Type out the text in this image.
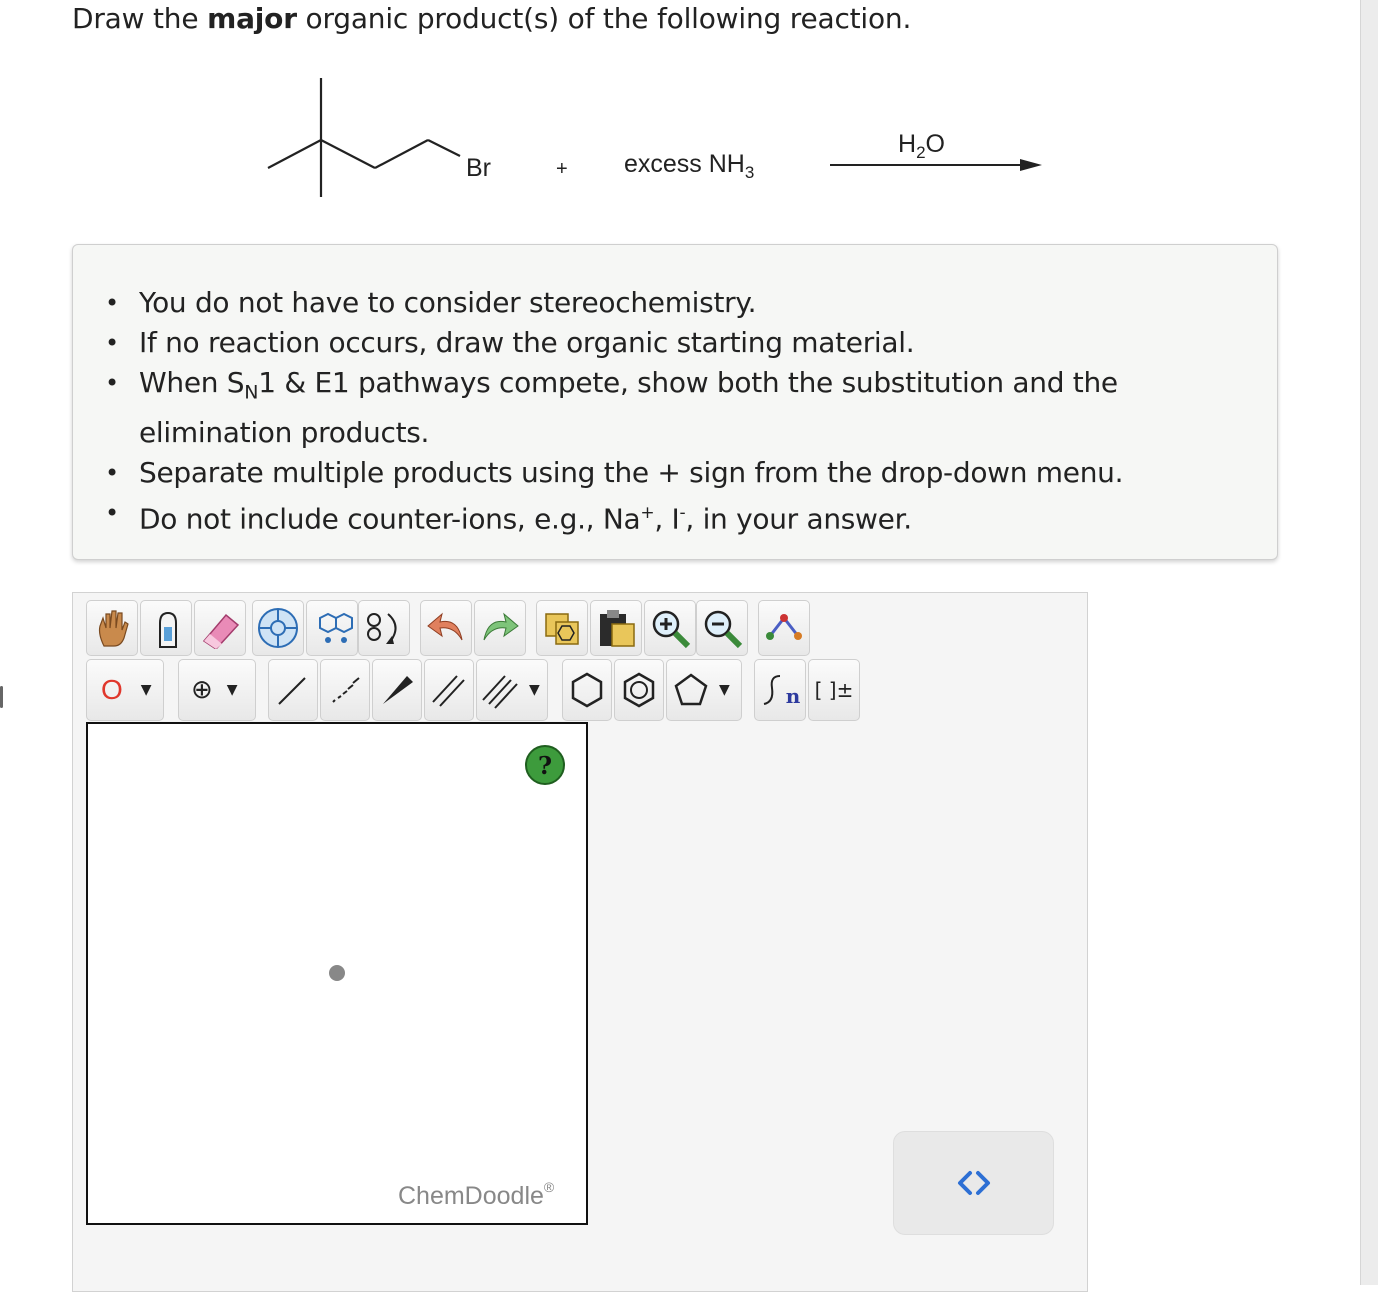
Draw the major organic product(s) of the following reaction.
Br	+ excess $NH_3$
$H_2O$
• You do not have to consider stereochemistry.
• If no reaction occurs, draw the organic starting material.
• When $S_N1$ & E1 pathways compete, show both the substitution and the elimination products.
• Separate multiple products using the + sign from the drop-down menu.
• Do not include counter-ions, e.g., Na+, I-, in your answer.
O ▼ ⊕ ▼	▼	▼	n [ ]±
?
ChemDoodle®
